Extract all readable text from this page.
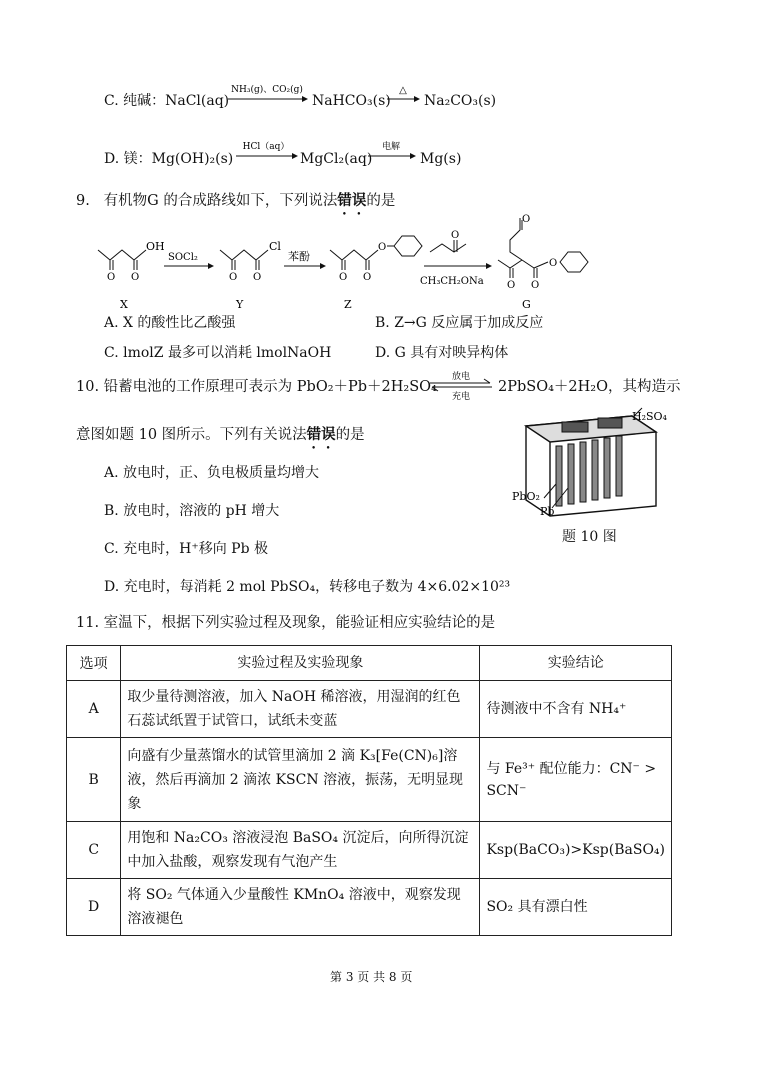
C. 纯碱：NaCl(aq)
NH₃(g)、CO₂(g)
NaHCO₃(s)
△
Na₂CO₃(s)
D. 镁：Mg(OH)₂(s)
HCl（aq）
MgCl₂(aq)
电解
Mg(s)
9. 有机物G 的合成路线如下，下列说法错误的是
O O
OH
SOCl₂
O O
Cl
苯酚
O O
O
O
CH₃CH₂ONa
O
O O
O
X	Y	Z	G
A. X 的酸性比乙酸强	B. Z→G 反应属于加成反应
C. lmolZ 最多可以消耗 lmolNaOH	D. G 具有对映异构体
10. 铅蓄电池的工作原理可表示为 PbO₂＋Pb＋2H₂SO₄
放电
充电
2PbSO₄＋2H₂O，其构造示
意图如题 10 图所示。下列有关说法错误的是
A. 放电时，正、负电极质量均增大
B. 放电时，溶液的 pH 增大
C. 充电时，H⁺移向 Pb 极
D. 充电时，每消耗 2 mol PbSO₄，转移电子数为 4×6.02×10²³
H₂SO₄
PbO₂
Pb
题 10 图
11. 室温下，根据下列实验过程及现象，能验证相应实验结论的是
选项	实验过程及实验现象	实验结论
A	取少量待测溶液，加入 NaOH 稀溶液，用湿润的红色石蕊试纸置于试管口，试纸未变蓝	待测液中不含有 NH₄⁺
B	向盛有少量蒸馏水的试管里滴加 2 滴 K₃[Fe(CN)₆]溶液，然后再滴加 2 滴浓 KSCN 溶液，振荡，无明显现象	与 Fe³⁺ 配位能力：CN⁻ > SCN⁻
C	用饱和 Na₂CO₃ 溶液浸泡 BaSO₄ 沉淀后，向所得沉淀中加入盐酸，观察发现有气泡产生	Ksp(BaCO₃)>Ksp(BaSO₄)
D	将 SO₂ 气体通入少量酸性 KMnO₄ 溶液中，观察发现溶液褪色	SO₂ 具有漂白性
第 3 页 共 8 页
